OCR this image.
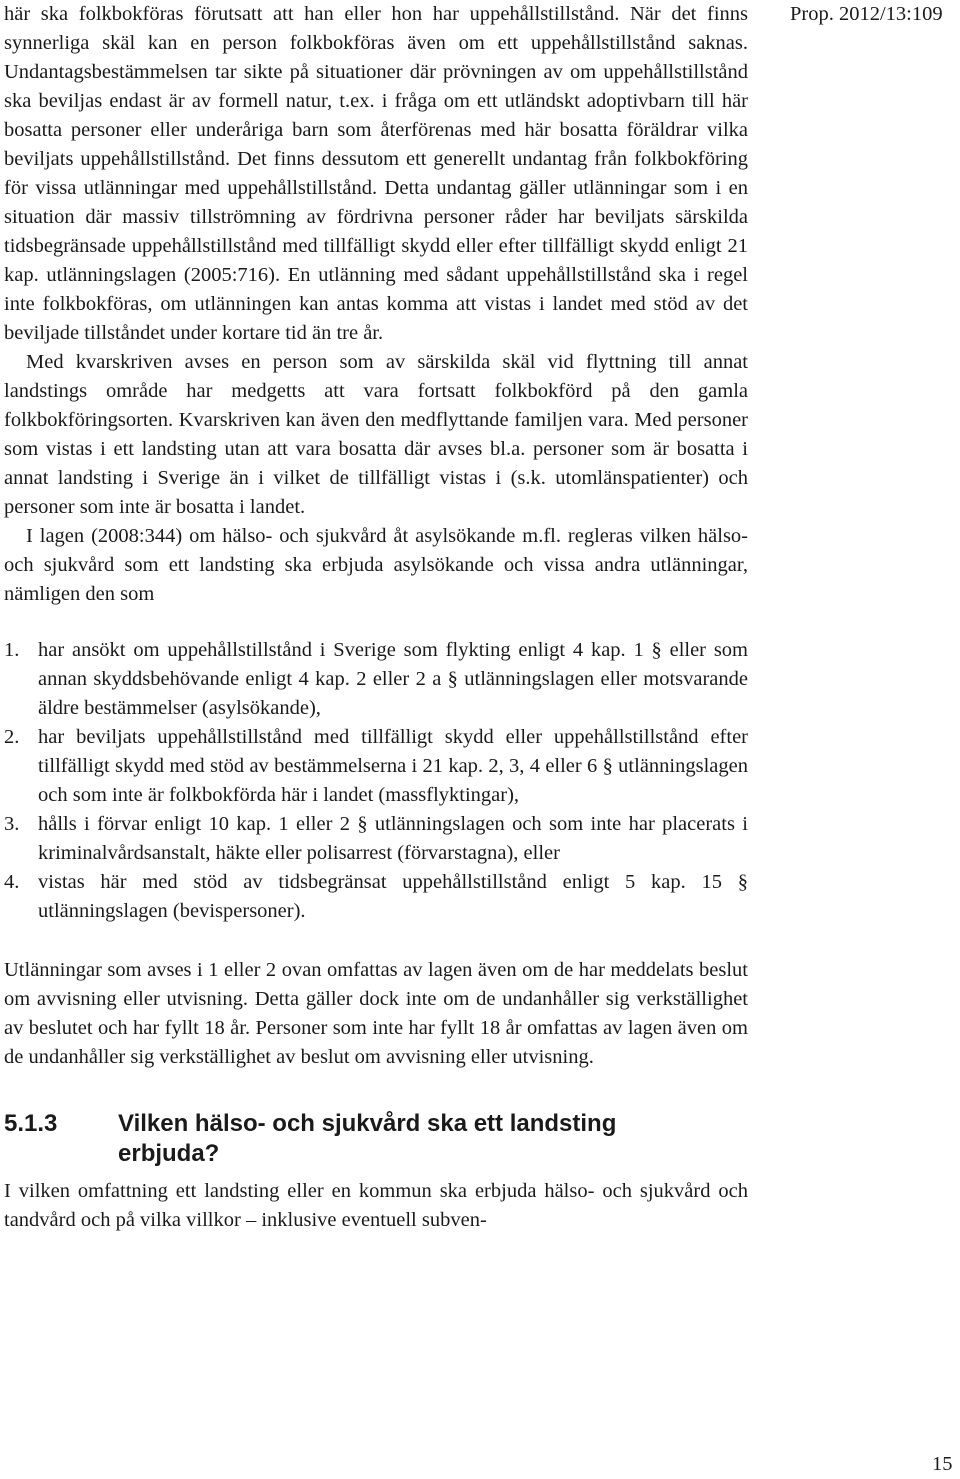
Prop. 2012/13:109

här ska folkbokföras förutsatt att han eller hon har uppehållstillstånd. När det finns synnerliga skäl kan en person folkbokföras även om ett uppehållstillstånd saknas. Undantagsbestämmelsen tar sikte på situationer där prövningen av om uppehållstillstånd ska beviljas endast är av formell natur, t.ex. i fråga om ett utländskt adoptivbarn till här bosatta personer eller underåriga barn som återförenas med här bosatta föräldrar vilka beviljats uppehållstillstånd. Det finns dessutom ett generellt undantag från folkbokföring för vissa utlänningar med uppehållstillstånd. Detta undantag gäller utlänningar som i en situation där massiv tillströmning av fördrivna personer råder har beviljats särskilda tidsbegränsade uppehållstillstånd med tillfälligt skydd eller efter tillfälligt skydd enligt 21 kap. utlänningslagen (2005:716). En utlänning med sådant uppehållstillstånd ska i regel inte folkbokföras, om utlänningen kan antas komma att vistas i landet med stöd av det beviljade tillståndet under kortare tid än tre år.

Med kvarskriven avses en person som av särskilda skäl vid flyttning till annat landstings område har medgetts att vara fortsatt folkbokförd på den gamla folkbokföringsorten. Kvarskriven kan även den medflyttande familjen vara. Med personer som vistas i ett landsting utan att vara bosatta där avses bl.a. personer som är bosatta i annat landsting i Sverige än i vilket de tillfälligt vistas i (s.k. utomlänspatienter) och personer som inte är bosatta i landet.

I lagen (2008:344) om hälso- och sjukvård åt asylsökande m.fl. regleras vilken hälso- och sjukvård som ett landsting ska erbjuda asylsökande och vissa andra utlänningar, nämligen den som

1. har ansökt om uppehållstillstånd i Sverige som flykting enligt 4 kap. 1 § eller som annan skyddsbehövande enligt 4 kap. 2 eller 2 a § utlänningslagen eller motsvarande äldre bestämmelser (asylsökande),
2. har beviljats uppehållstillstånd med tillfälligt skydd eller uppehållstillstånd efter tillfälligt skydd med stöd av bestämmelserna i 21 kap. 2, 3, 4 eller 6 § utlänningslagen och som inte är folkbokförda här i landet (massflyktingar),
3. hålls i förvar enligt 10 kap. 1 eller 2 § utlänningslagen och som inte har placerats i kriminalvårdsanstalt, häkte eller polisarrest (förvarstagna), eller
4. vistas här med stöd av tidsbegränsat uppehållstillstånd enligt 5 kap. 15 § utlänningslagen (bevispersoner).

Utlänningar som avses i 1 eller 2 ovan omfattas av lagen även om de har meddelats beslut om avvisning eller utvisning. Detta gäller dock inte om de undanhåller sig verkställighet av beslutet och har fyllt 18 år. Personer som inte har fyllt 18 år omfattas av lagen även om de undanhåller sig verkställighet av beslut om avvisning eller utvisning.

5.1.3	Vilken hälso- och sjukvård ska ett landsting erbjuda?

I vilken omfattning ett landsting eller en kommun ska erbjuda hälso- och sjukvård och tandvård och på vilka villkor – inklusive eventuell subven-

15
